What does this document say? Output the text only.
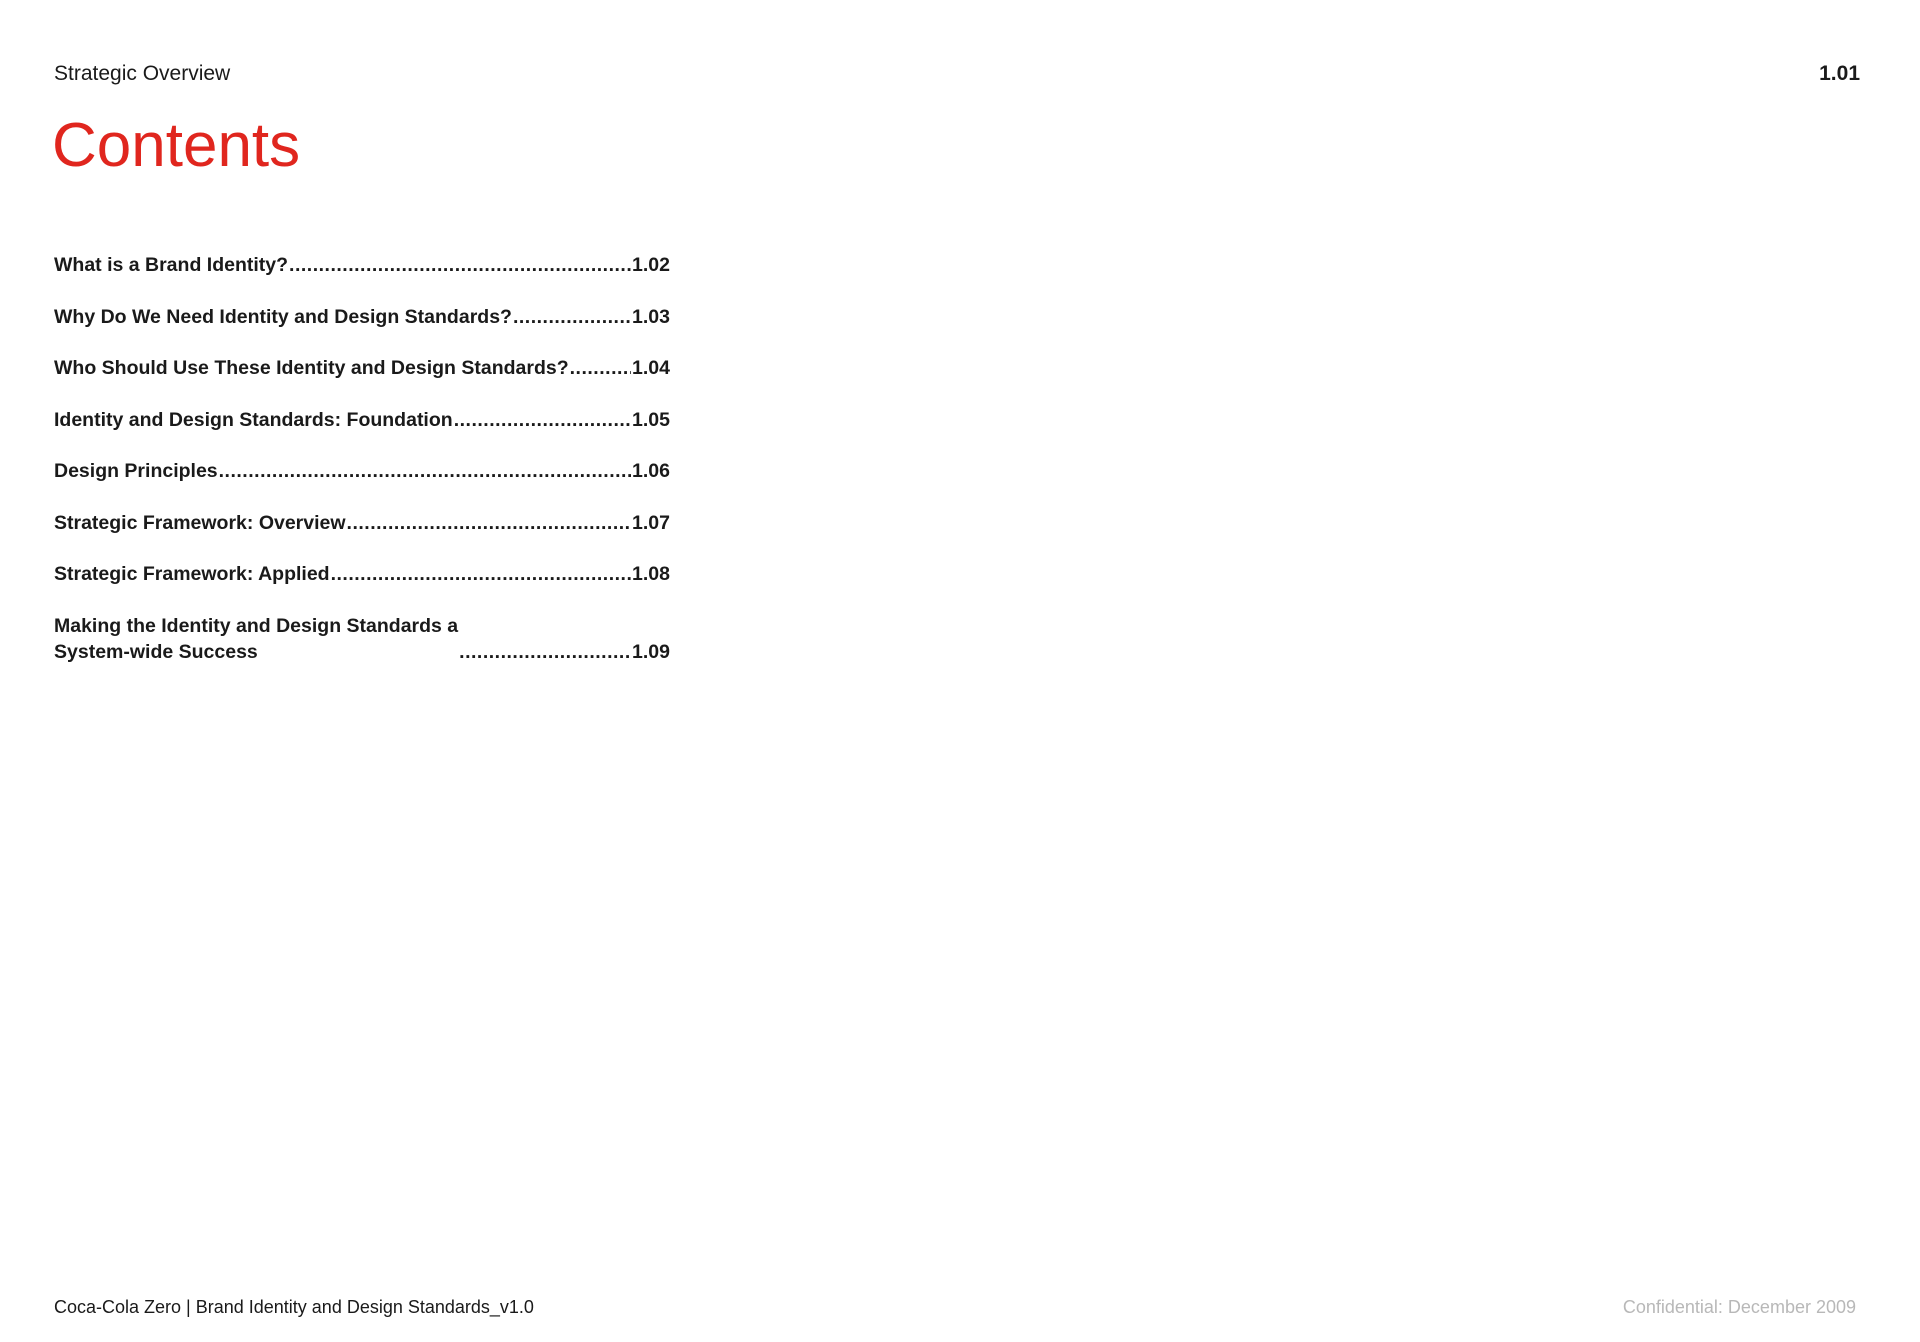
Strategic Overview	1.01
Contents
What is a Brand Identity? .....	1.02
Why Do We Need Identity and Design Standards? .....	1.03
Who Should Use These Identity and Design Standards? .....	1.04
Identity and Design Standards: Foundation .....	1.05
Design Principles .....	1.06
Strategic Framework: Overview .....	1.07
Strategic Framework: Applied .....	1.08
Making the Identity and Design Standards a
System-wide Success .....	1.09
Coca-Cola Zero | Brand Identity and Design Standards_v1.0	Confidential: December 2009
